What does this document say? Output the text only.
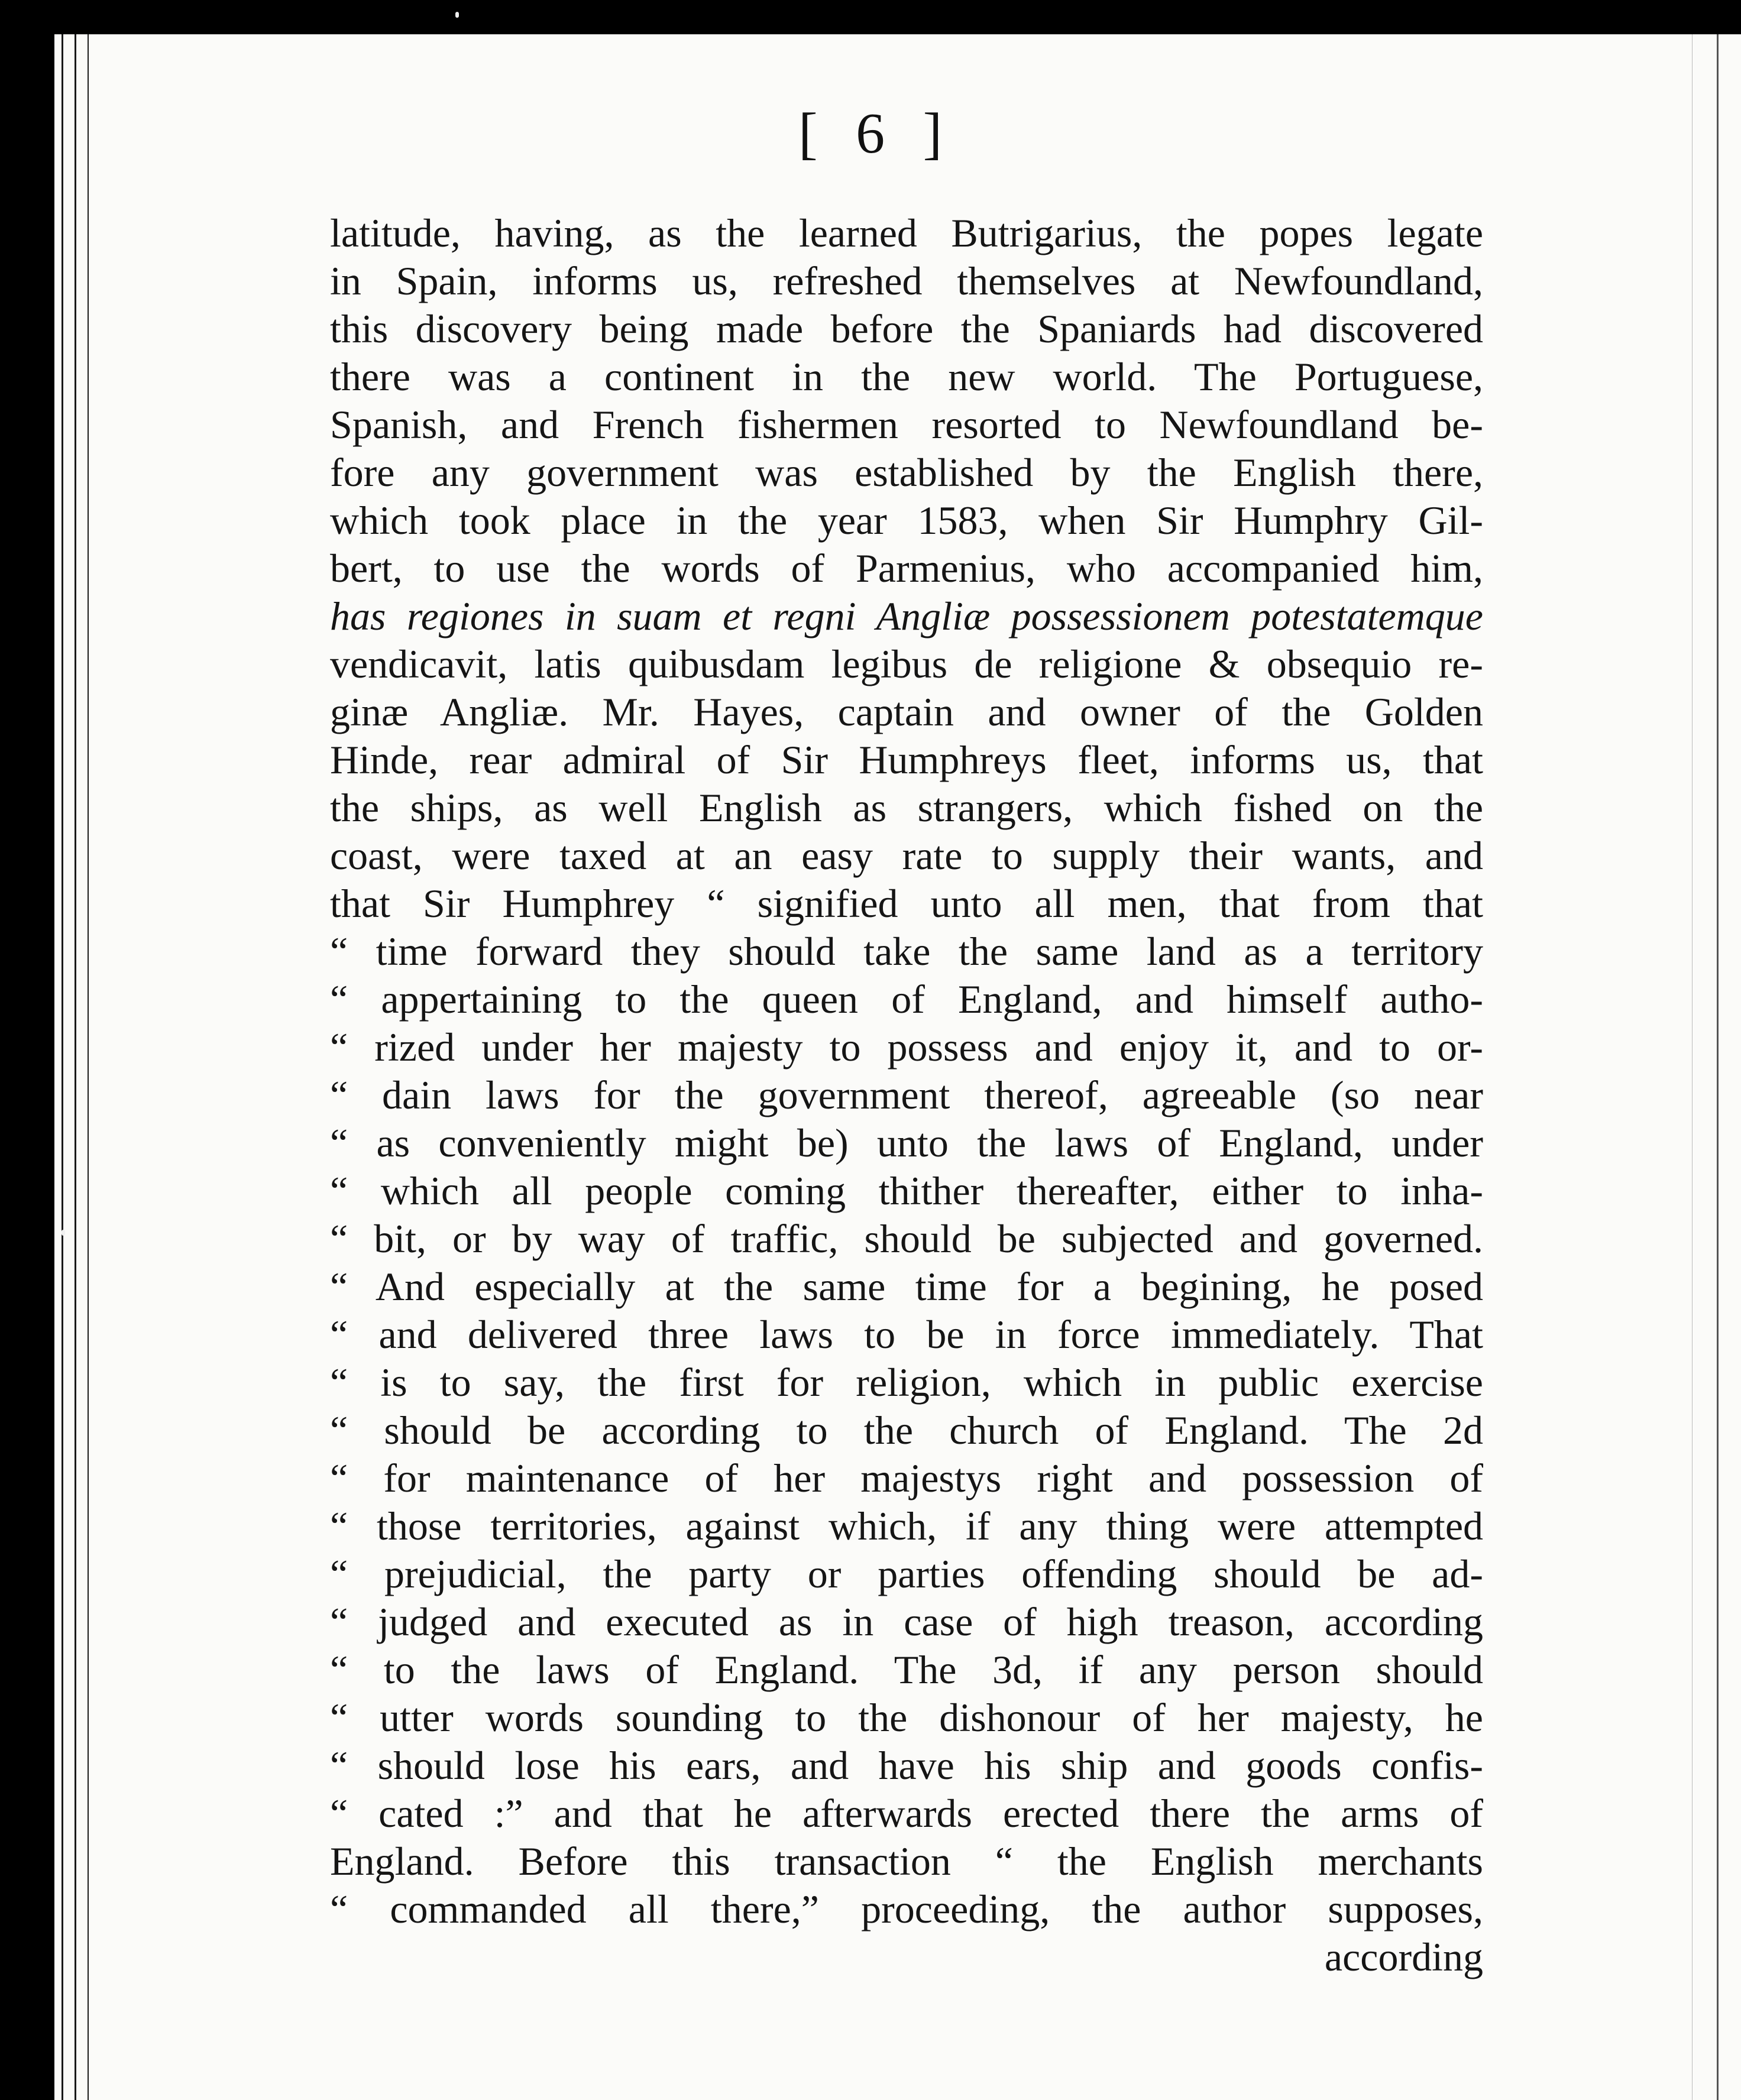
[ 6 ]
latitude, having, as the learned Butrigarius, the popes legate
in Spain, informs us, refreshed themselves at Newfoundland,
this discovery being made before the Spaniards had discovered
there was a continent in the new world. The Portuguese,
Spanish, and French fishermen resorted to Newfoundland be-
fore any government was established by the English there,
which took place in the year 1583, when Sir Humphry Gil-
bert, to use the words of Parmenius, who accompanied him,
has regiones in suam et regni Angliæ possessionem potestatemque
vendicavit, latis quibusdam legibus de religione & obsequio re-
ginæ Angliæ. Mr. Hayes, captain and owner of the Golden
Hinde, rear admiral of Sir Humphreys fleet, informs us, that
the ships, as well English as strangers, which fished on the
coast, were taxed at an easy rate to supply their wants, and
that Sir Humphrey “ signified unto all men, that from that
“ time forward they should take the same land as a territory
“ appertaining to the queen of England, and himself autho-
“ rized under her majesty to possess and enjoy it, and to or-
“ dain laws for the government thereof, agreeable (so near
“ as conveniently might be) unto the laws of England, under
“ which all people coming thither thereafter, either to inha-
“ bit, or by way of traffic, should be subjected and governed.
“ And especially at the same time for a begining, he posed
“ and delivered three laws to be in force immediately. That
“ is to say, the first for religion, which in public exercise
“ should be according to the church of England. The 2d
“ for maintenance of her majestys right and possession of
“ those territories, against which, if any thing were attempted
“ prejudicial, the party or parties offending should be ad-
“ judged and executed as in case of high treason, according
“ to the laws of England. The 3d, if any person should
“ utter words sounding to the dishonour of her majesty, he
“ should lose his ears, and have his ship and goods confis-
“ cated :” and that he afterwards erected there the arms of
England. Before this transaction “ the English merchants
“ commanded all there,” proceeding, the author supposes,
according
